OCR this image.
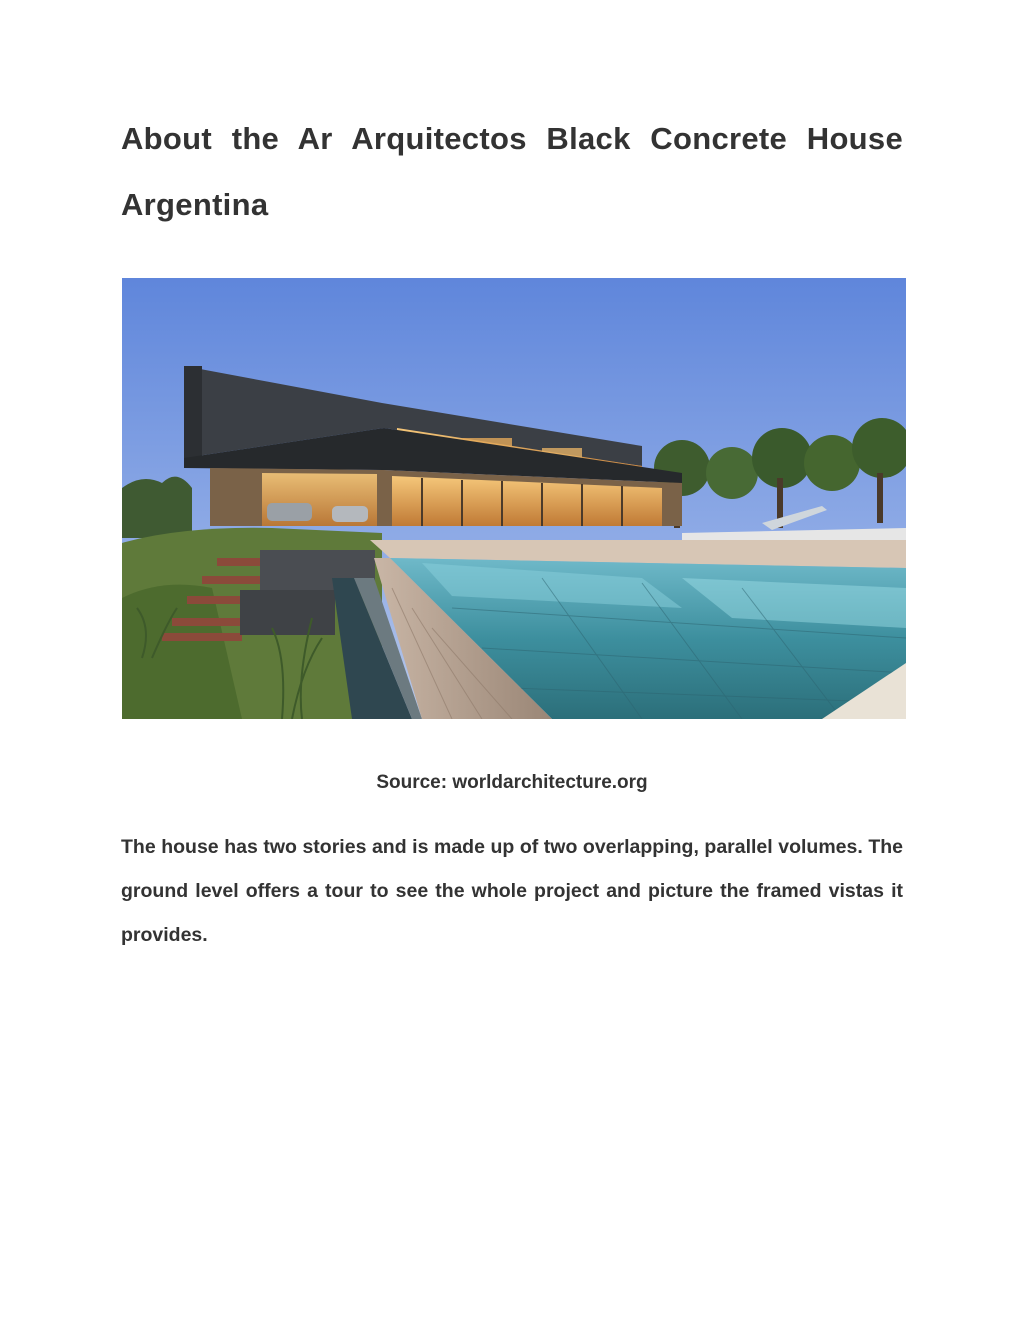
About the Ar Arquitectos Black Concrete House Argentina

Source: worldarchitecture.org

The house has two stories and is made up of two overlapping, parallel volumes. The ground level offers a tour to see the whole project and picture the framed vistas it provides.
